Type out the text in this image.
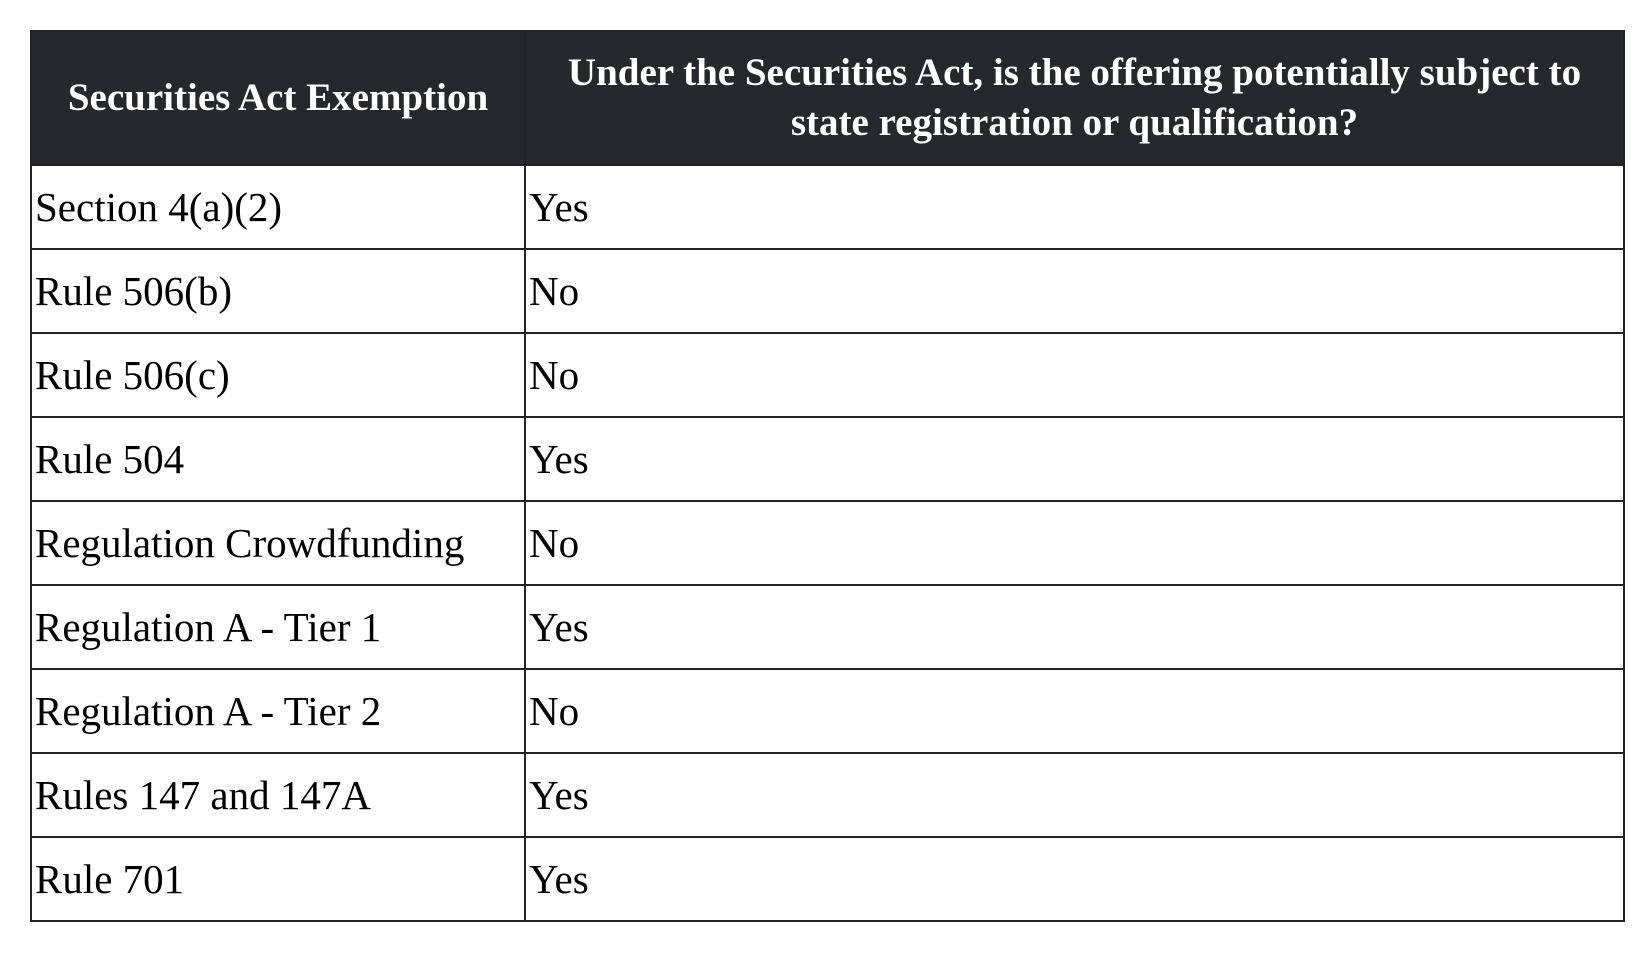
Securities Act Exemption	Under the Securities Act, is the offering potentially subject to state registration or qualification?
Section 4(a)(2)	Yes
Rule 506(b)	No
Rule 506(c)	No
Rule 504	Yes
Regulation Crowdfunding	No
Regulation A - Tier 1	Yes
Regulation A - Tier 2	No
Rules 147 and 147A	Yes
Rule 701	Yes
